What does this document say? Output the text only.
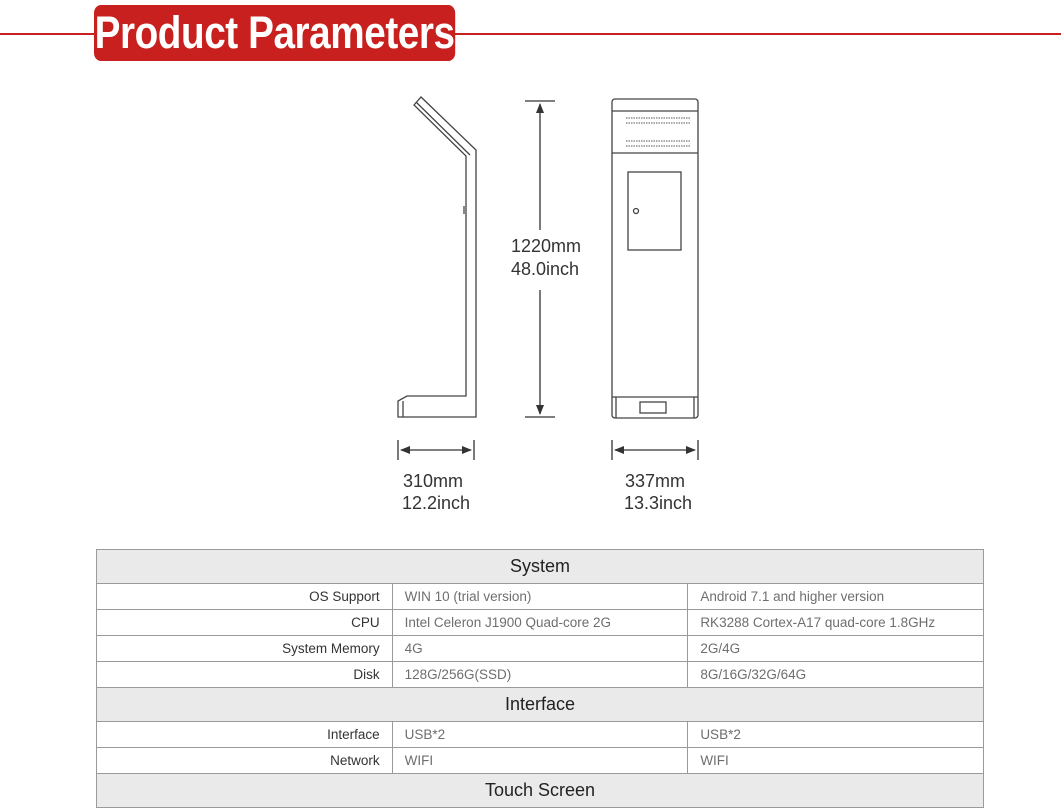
Product Parameters
1220mm
48.0inch
310mm
12.2inch
337mm
13.3inch
System		
OS Support	WIN 10 (trial version)	Android 7.1 and higher version
CPU	Intel Celeron J1900 Quad-core 2G	RK3288 Cortex-A17 quad-core 1.8GHz
System Memory	4G	2G/4G
Disk	128G/256G(SSD)	8G/16G/32G/64G
Interface		
Interface	USB*2	USB*2
Network	WIFI	WIFI
Touch Screen		
